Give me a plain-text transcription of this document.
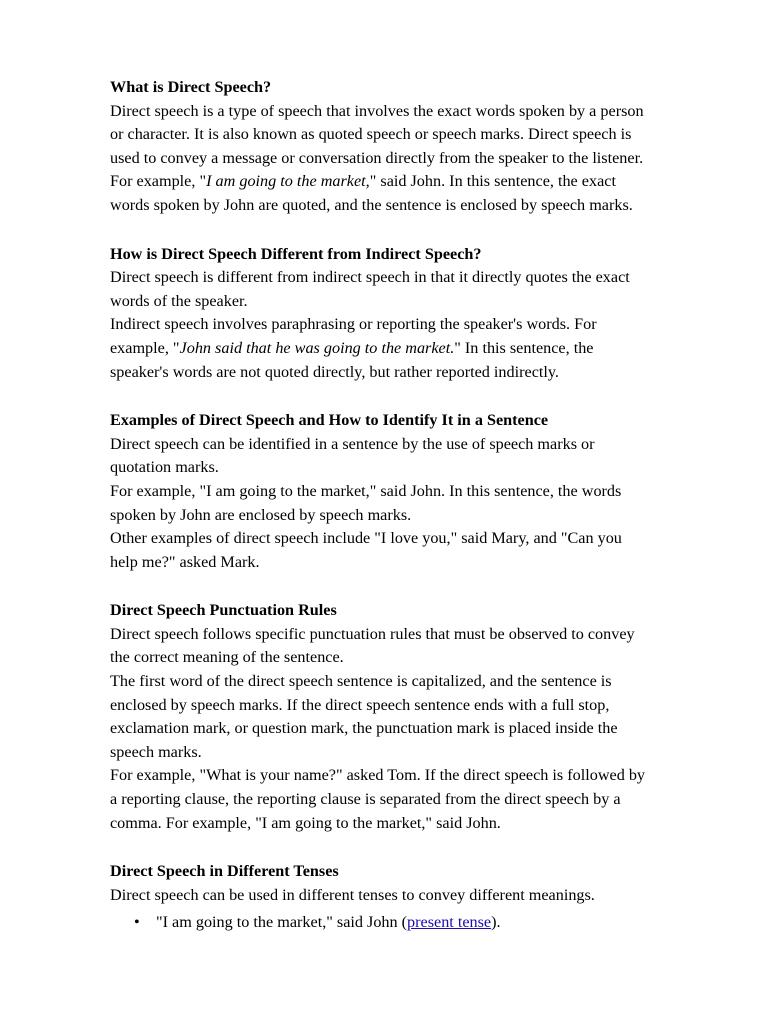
What is Direct Speech?
Direct speech is a type of speech that involves the exact words spoken by a person
or character. It is also known as quoted speech or speech marks. Direct speech is
used to convey a message or conversation directly from the speaker to the listener.
For example, "I am going to the market," said John. In this sentence, the exact
words spoken by John are quoted, and the sentence is enclosed by speech marks.
How is Direct Speech Different from Indirect Speech?
Direct speech is different from indirect speech in that it directly quotes the exact
words of the speaker.
Indirect speech involves paraphrasing or reporting the speaker's words. For
example, "John said that he was going to the market." In this sentence, the
speaker's words are not quoted directly, but rather reported indirectly.
Examples of Direct Speech and How to Identify It in a Sentence
Direct speech can be identified in a sentence by the use of speech marks or
quotation marks.
For example, "I am going to the market," said John. In this sentence, the words
spoken by John are enclosed by speech marks.
Other examples of direct speech include "I love you," said Mary, and "Can you
help me?" asked Mark.
Direct Speech Punctuation Rules
Direct speech follows specific punctuation rules that must be observed to convey
the correct meaning of the sentence.
The first word of the direct speech sentence is capitalized, and the sentence is
enclosed by speech marks. If the direct speech sentence ends with a full stop,
exclamation mark, or question mark, the punctuation mark is placed inside the
speech marks.
For example, "What is your name?" asked Tom. If the direct speech is followed by
a reporting clause, the reporting clause is separated from the direct speech by a
comma. For example, "I am going to the market," said John.
Direct Speech in Different Tenses
Direct speech can be used in different tenses to convey different meanings.
• "I am going to the market," said John (present tense).
